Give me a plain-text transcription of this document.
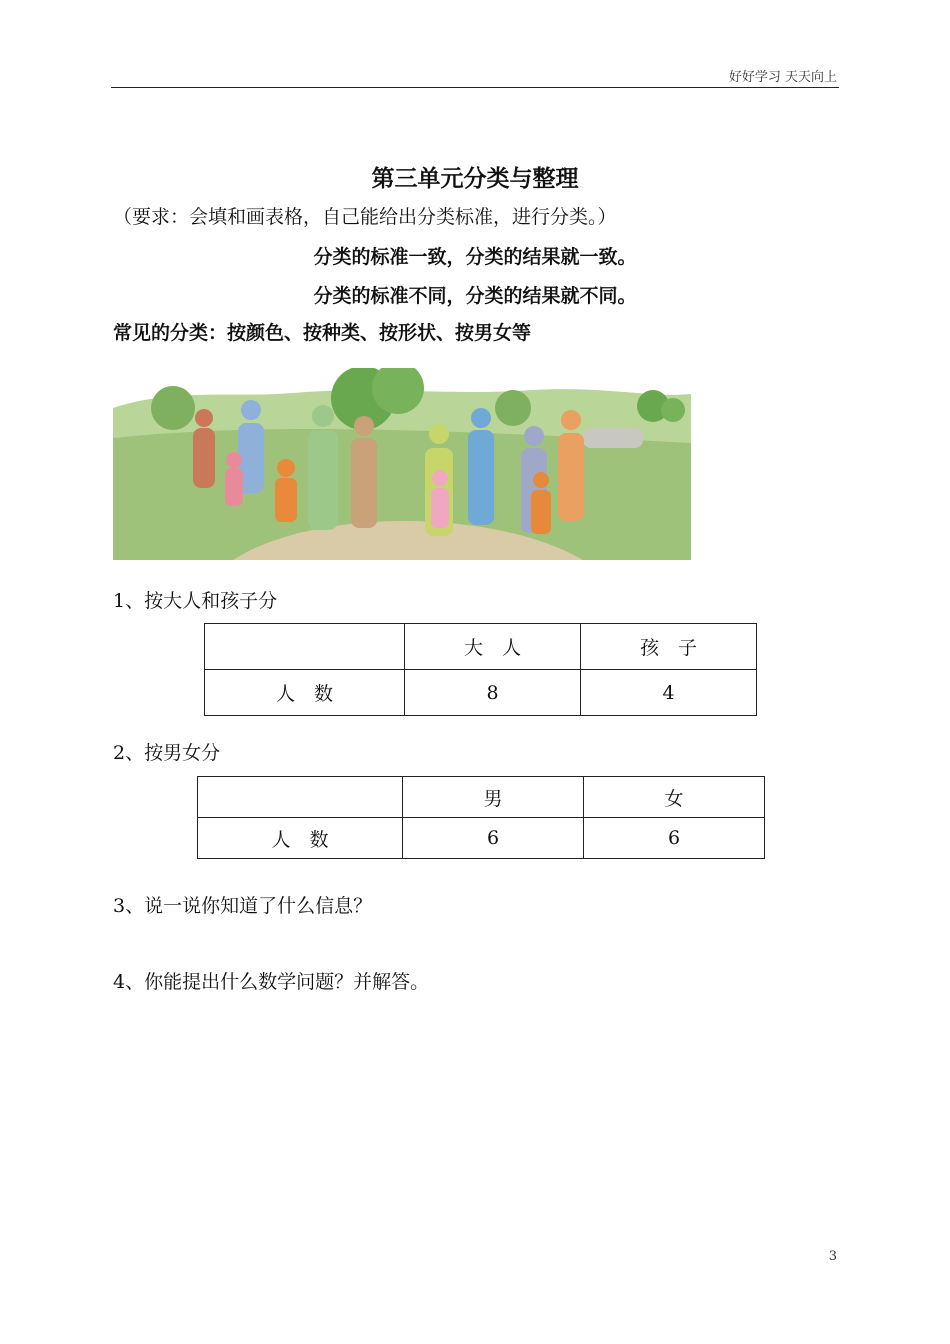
好好学习 天天向上
第三单元分类与整理
（要求：会填和画表格，自己能给出分类标准，进行分类。）
分类的标准一致，分类的结果就一致。
分类的标准不同，分类的结果就不同。
常见的分类：按颜色、按种类、按形状、按男女等
1、按大人和孩子分
	大　人	孩　子
人　数	8	4
2、按男女分
	男	女
人　数	6	6
3、说一说你知道了什么信息？
4、你能提出什么数学问题？并解答。
3
